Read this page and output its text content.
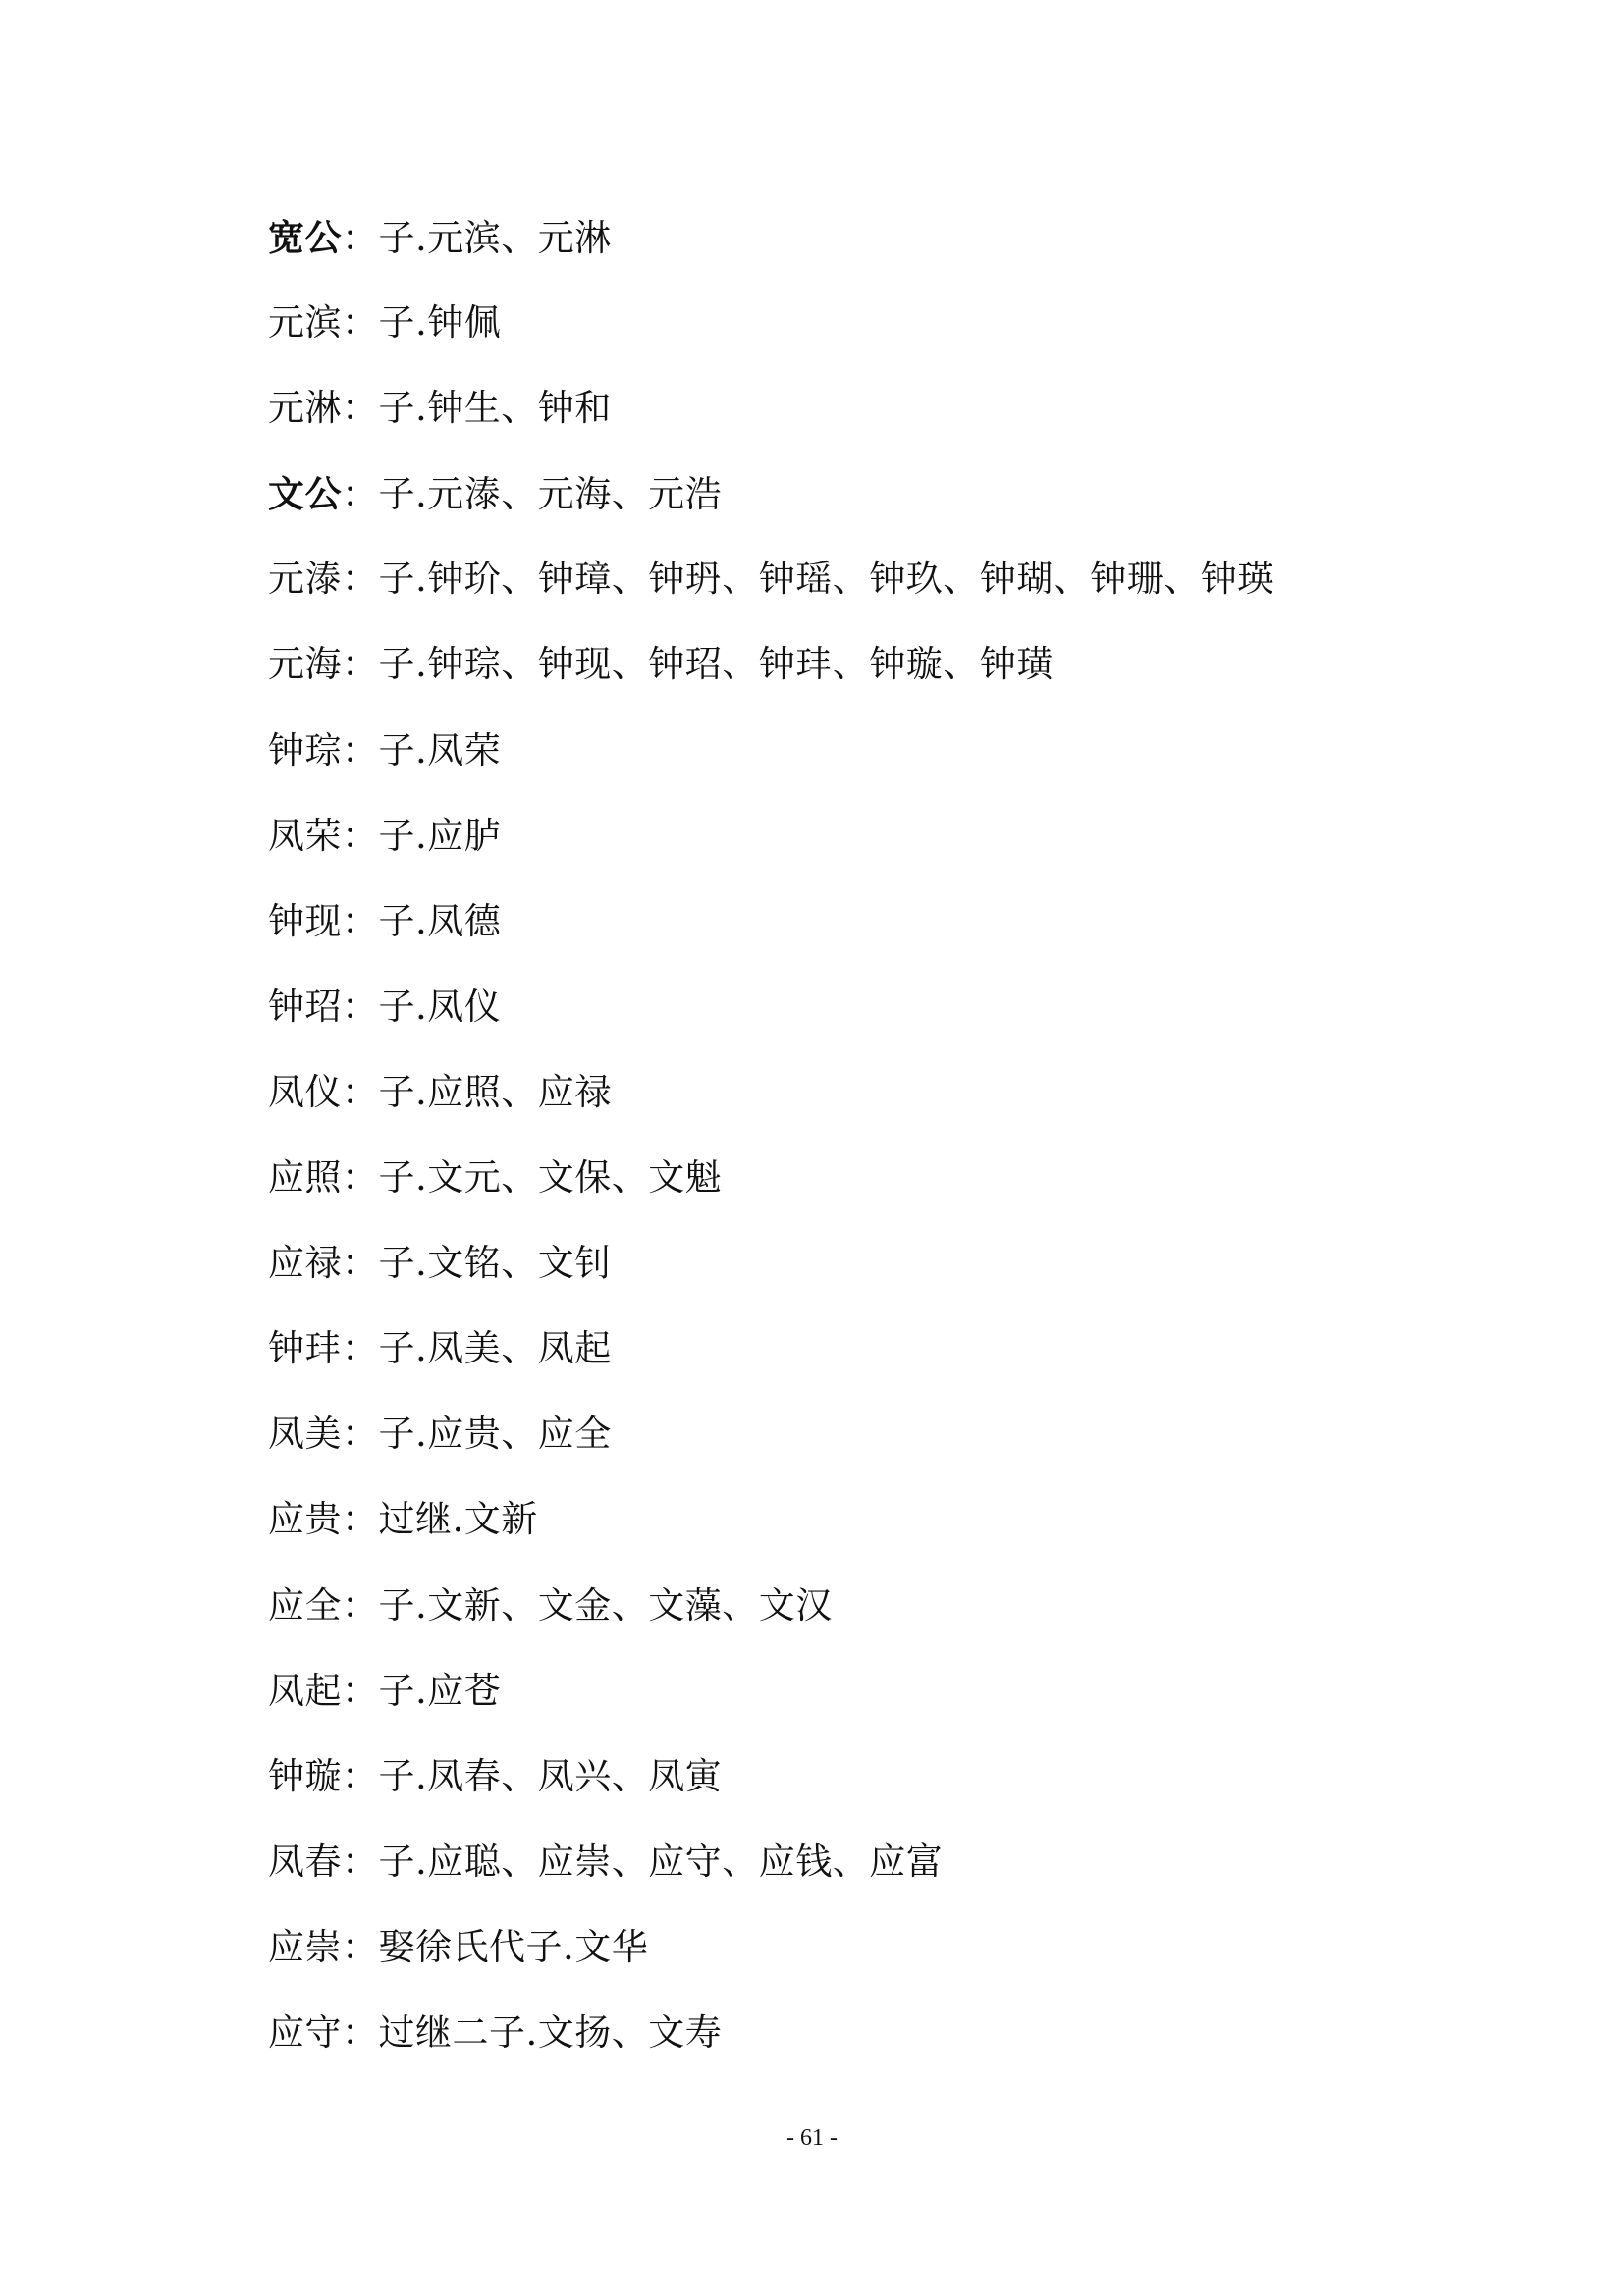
宽公：子.元滨、元淋
元滨：子.钟佩
元淋：子.钟生、钟和
文公：子.元溙、元海、元浩
元溙：子.钟玠、钟璋、钟玬、钟瑶、钟玖、钟瑚、钟珊、钟瑛
元海：子.钟琮、钟现、钟玿、钟玤、钟璇、钟璜
钟琮：子.凤荣
凤荣：子.应胪
钟现：子.凤德
钟玿：子.凤仪
凤仪：子.应照、应禄
应照：子.文元、文保、文魁
应禄：子.文铭、文钊
钟玤：子.凤美、凤起
凤美：子.应贵、应全
应贵：过继.文新
应全：子.文新、文金、文藻、文汉
凤起：子.应苍
钟璇：子.凤春、凤兴、凤寅
凤春：子.应聪、应崇、应守、应钱、应富
应崇：娶徐氏代子.文华
应守：过继二子.文扬、文寿
- 61 -
